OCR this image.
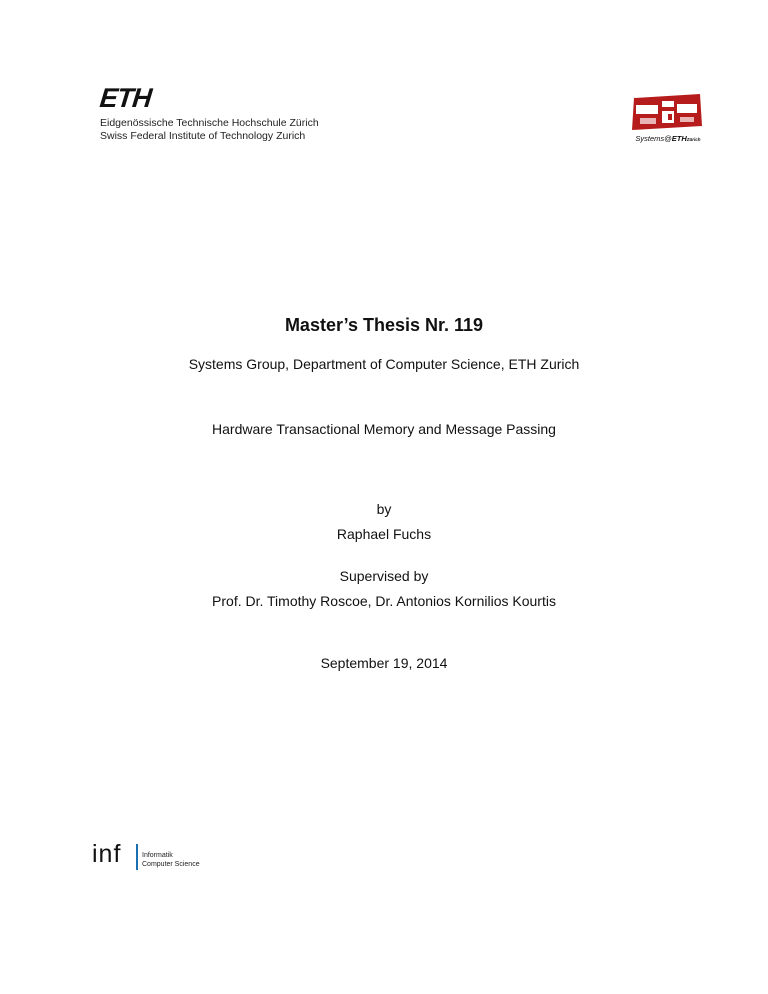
ETH
Eidgenössische Technische Hochschule Zürich
Swiss Federal Institute of Technology Zurich	Systems@ETHZürich
Master’s Thesis Nr. 119
Systems Group, Department of Computer Science, ETH Zurich
Hardware Transactional Memory and Message Passing
by
Raphael Fuchs
Supervised by
Prof. Dr. Timothy Roscoe, Dr. Antonios Kornilios Kourtis
September 19, 2014
inf	Informatik
Computer Science
